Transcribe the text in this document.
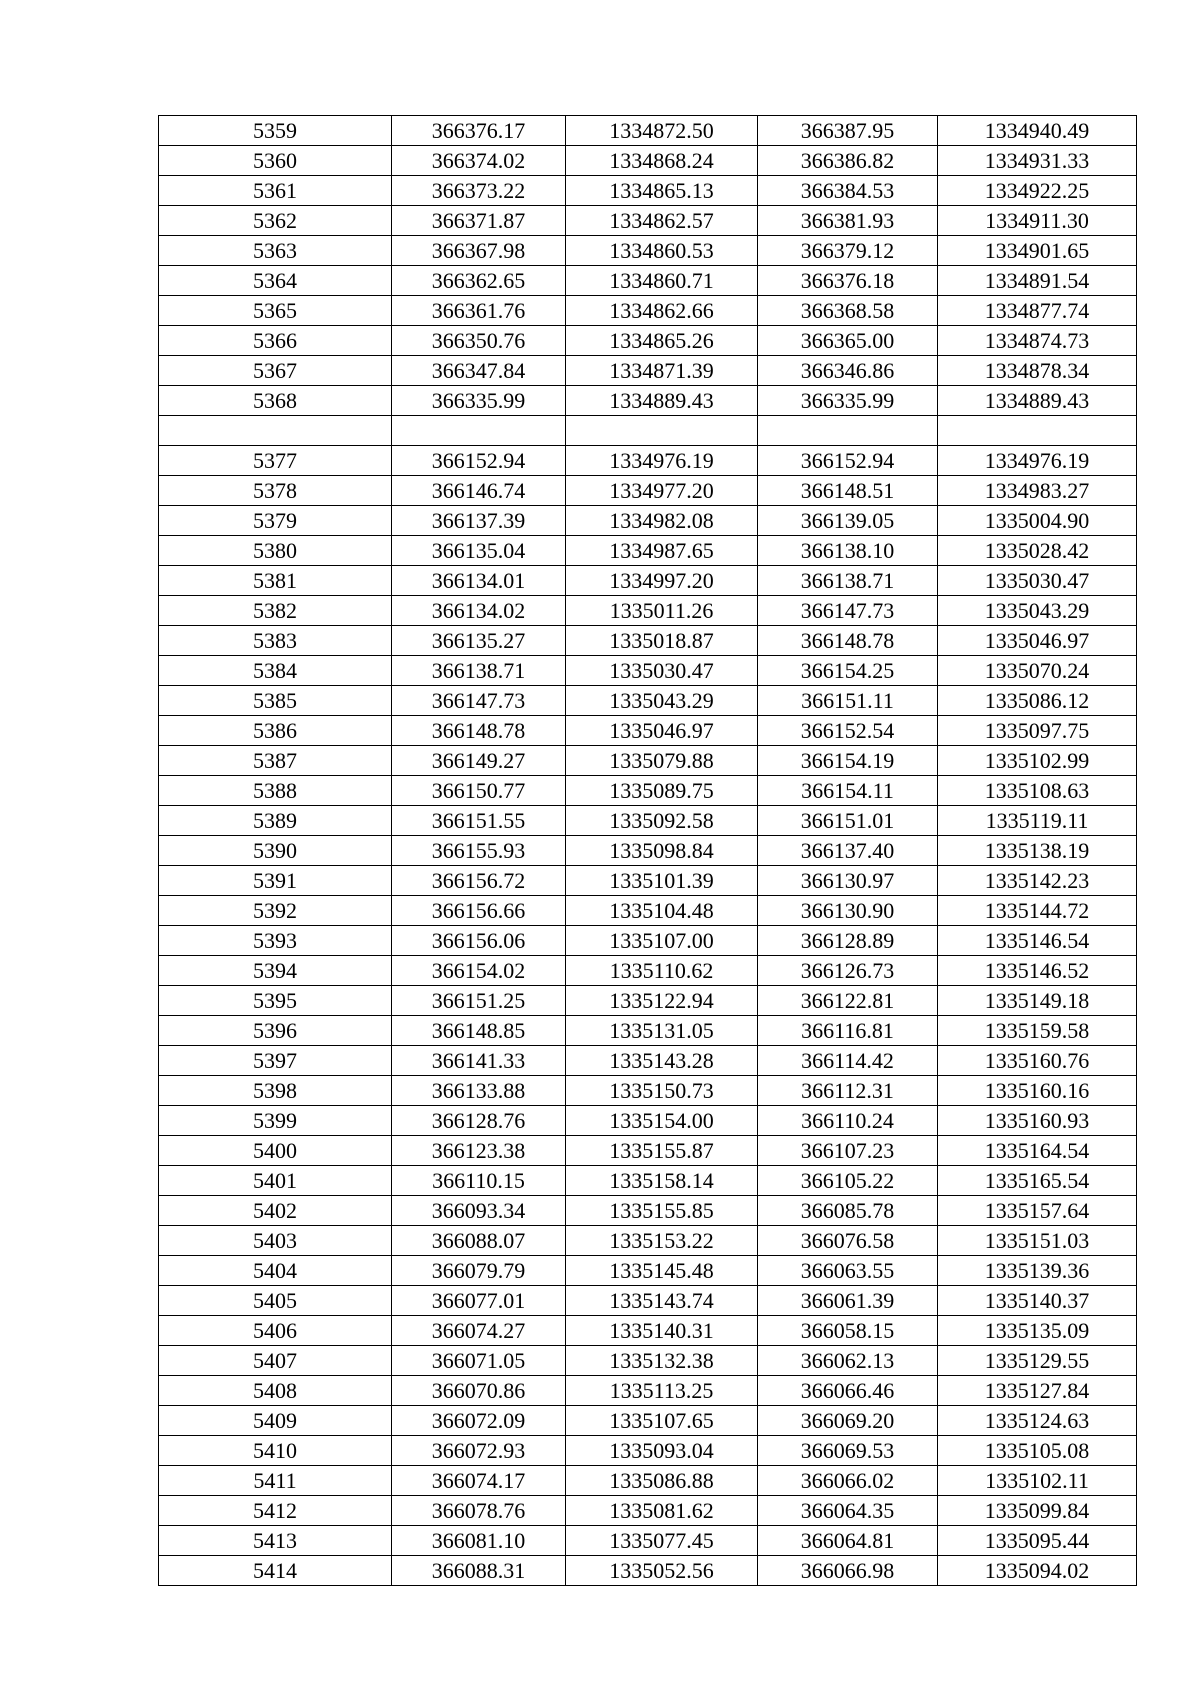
5359	366376.17	1334872.50	366387.95	1334940.49
5360	366374.02	1334868.24	366386.82	1334931.33
5361	366373.22	1334865.13	366384.53	1334922.25
5362	366371.87	1334862.57	366381.93	1334911.30
5363	366367.98	1334860.53	366379.12	1334901.65
5364	366362.65	1334860.71	366376.18	1334891.54
5365	366361.76	1334862.66	366368.58	1334877.74
5366	366350.76	1334865.26	366365.00	1334874.73
5367	366347.84	1334871.39	366346.86	1334878.34
5368	366335.99	1334889.43	366335.99	1334889.43

5377	366152.94	1334976.19	366152.94	1334976.19
5378	366146.74	1334977.20	366148.51	1334983.27
5379	366137.39	1334982.08	366139.05	1335004.90
5380	366135.04	1334987.65	366138.10	1335028.42
5381	366134.01	1334997.20	366138.71	1335030.47
5382	366134.02	1335011.26	366147.73	1335043.29
5383	366135.27	1335018.87	366148.78	1335046.97
5384	366138.71	1335030.47	366154.25	1335070.24
5385	366147.73	1335043.29	366151.11	1335086.12
5386	366148.78	1335046.97	366152.54	1335097.75
5387	366149.27	1335079.88	366154.19	1335102.99
5388	366150.77	1335089.75	366154.11	1335108.63
5389	366151.55	1335092.58	366151.01	1335119.11
5390	366155.93	1335098.84	366137.40	1335138.19
5391	366156.72	1335101.39	366130.97	1335142.23
5392	366156.66	1335104.48	366130.90	1335144.72
5393	366156.06	1335107.00	366128.89	1335146.54
5394	366154.02	1335110.62	366126.73	1335146.52
5395	366151.25	1335122.94	366122.81	1335149.18
5396	366148.85	1335131.05	366116.81	1335159.58
5397	366141.33	1335143.28	366114.42	1335160.76
5398	366133.88	1335150.73	366112.31	1335160.16
5399	366128.76	1335154.00	366110.24	1335160.93
5400	366123.38	1335155.87	366107.23	1335164.54
5401	366110.15	1335158.14	366105.22	1335165.54
5402	366093.34	1335155.85	366085.78	1335157.64
5403	366088.07	1335153.22	366076.58	1335151.03
5404	366079.79	1335145.48	366063.55	1335139.36
5405	366077.01	1335143.74	366061.39	1335140.37
5406	366074.27	1335140.31	366058.15	1335135.09
5407	366071.05	1335132.38	366062.13	1335129.55
5408	366070.86	1335113.25	366066.46	1335127.84
5409	366072.09	1335107.65	366069.20	1335124.63
5410	366072.93	1335093.04	366069.53	1335105.08
5411	366074.17	1335086.88	366066.02	1335102.11
5412	366078.76	1335081.62	366064.35	1335099.84
5413	366081.10	1335077.45	366064.81	1335095.44
5414	366088.31	1335052.56	366066.98	1335094.02
